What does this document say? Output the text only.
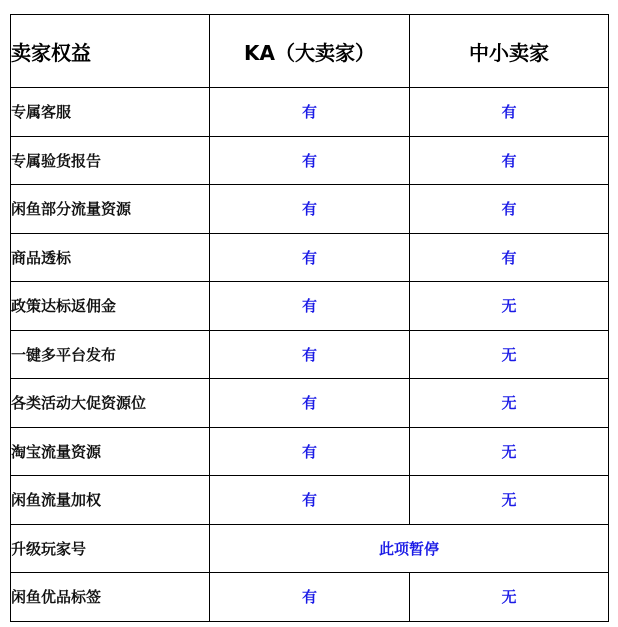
卖家权益	KA（大卖家）	中小卖家
专属客服	有	有
专属验货报告	有	有
闲鱼部分流量资源	有	有
商品透标	有	有
政策达标返佣金	有	无
一键多平台发布	有	无
各类活动大促资源位	有	无
淘宝流量资源	有	无
闲鱼流量加权	有	无
升级玩家号	此项暂停	
闲鱼优品标签	有	无
